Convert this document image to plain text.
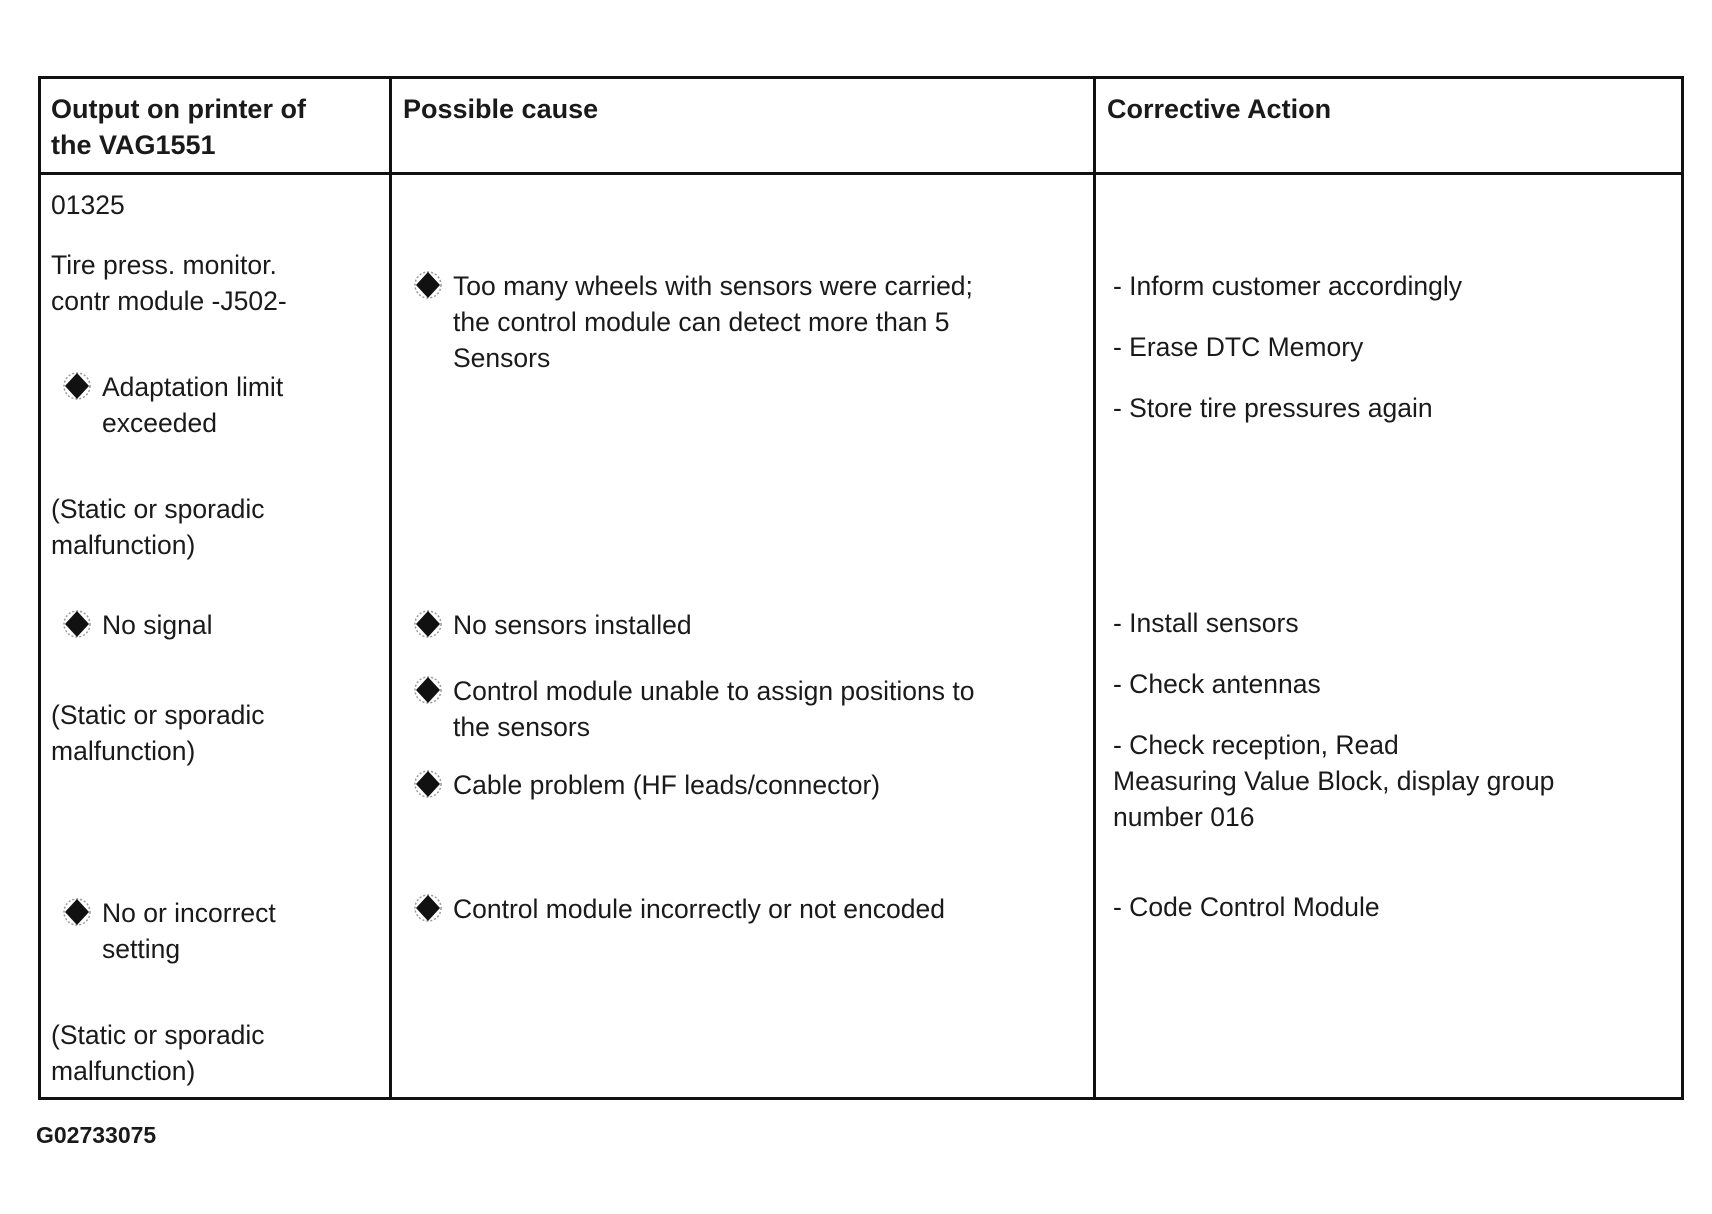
Output on printer of
the VAG1551
Possible cause	Corrective Action
01325
Tire press. monitor.
contr module -J502-
Adaptation limit
exceeded
(Static or sporadic
malfunction)
No signal
(Static or sporadic
malfunction)
No or incorrect
setting
(Static or sporadic
malfunction)
Too many wheels with sensors were carried;
the control module can detect more than 5
Sensors
No sensors installed
Control module unable to assign positions to
the sensors
Cable problem (HF leads/connector)
Control module incorrectly or not encoded
- Inform customer accordingly
- Erase DTC Memory
- Store tire pressures again
- Install sensors
- Check antennas
- Check reception, Read
Measuring Value Block, display group
number 016
- Code Control Module
G02733075
